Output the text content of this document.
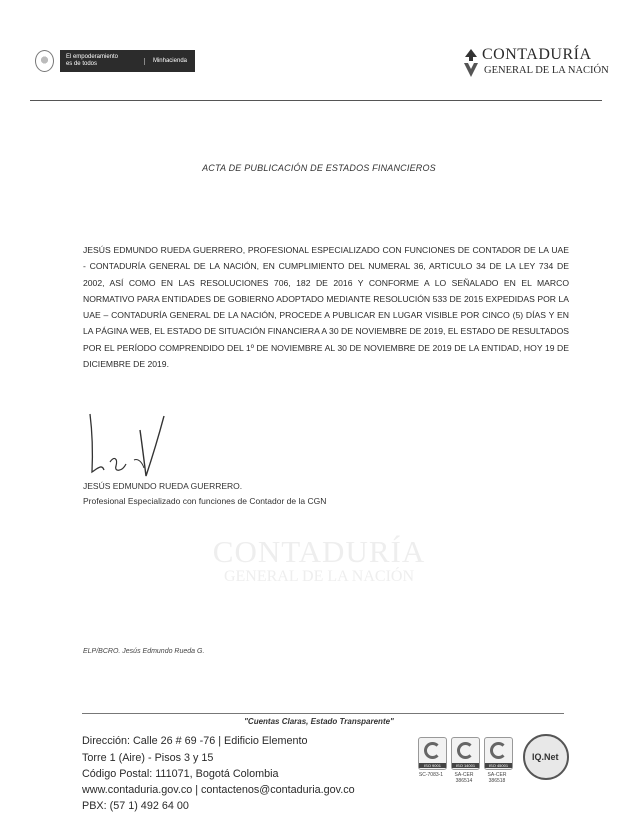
El empoderamiento
es de todos
Minhacienda	CONTADURÍA
GENERAL DE LA NACIÓN
ACTA DE PUBLICACIÓN DE ESTADOS FINANCIEROS
JESÚS EDMUNDO RUEDA GUERRERO, PROFESIONAL ESPECIALIZADO CON FUNCIONES DE CONTADOR DE LA UAE - CONTADURÍA GENERAL DE LA NACIÓN, EN CUMPLIMIENTO DEL NUMERAL 36, ARTICULO 34 DE LA LEY 734 DE 2002, ASÍ COMO EN LAS RESOLUCIONES 706, 182 DE 2016 Y CONFORME A LO SEÑALADO EN EL MARCO NORMATIVO PARA ENTIDADES DE GOBIERNO ADOPTADO MEDIANTE RESOLUCIÓN 533 DE 2015 EXPEDIDAS POR LA UAE – CONTADURÍA GENERAL DE LA NACIÓN, PROCEDE A PUBLICAR EN LUGAR VISIBLE POR CINCO (5) DÍAS Y EN LA PÁGINA WEB, EL ESTADO DE SITUACIÓN FINANCIERA A 30 DE NOVIEMBRE DE 2019, EL ESTADO DE RESULTADOS POR EL PERÍODO COMPRENDIDO DEL 1º DE NOVIEMBRE AL 30 DE NOVIEMBRE DE 2019 DE LA ENTIDAD, HOY 19 DE DICIEMBRE DE 2019.
JESÚS EDMUNDO RUEDA GUERRERO.
Profesional Especializado con funciones de Contador de la CGN
CONTADURÍA
GENERAL DE LA NACIÓN
ELP/BCRO. Jesús Edmundo Rueda G.
"Cuentas Claras, Estado Transparente"
Dirección: Calle 26 # 69 -76 | Edificio Elemento
Torre 1 (Aire) - Pisos 3 y 15
Código Postal: 111071, Bogotá Colombia
www.contaduria.gov.co | contactenos@contaduria.gov.co
PBX: (57 1) 492 64 00
ISO 9001	ISO 14001	ISO 45001
SC-7083-1	SA-CER 386514
SA-CER 386518
IQ.Net
